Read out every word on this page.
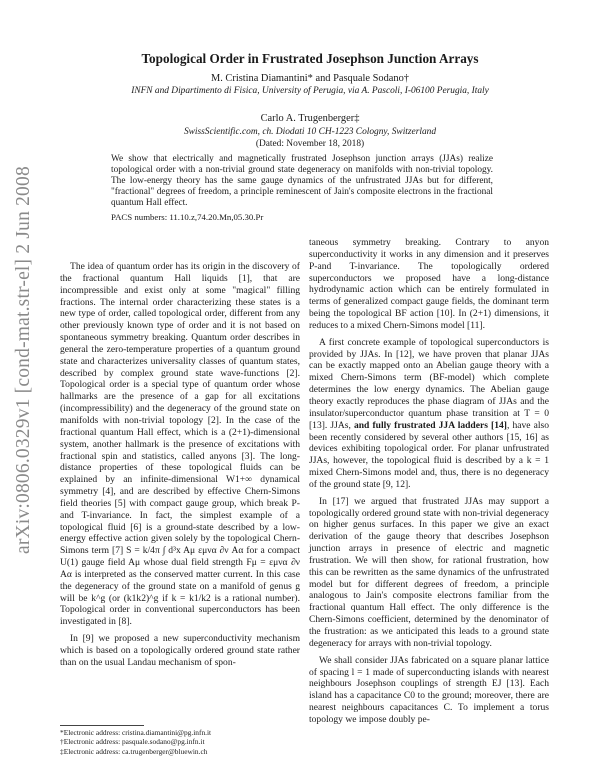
arXiv:0806.0329v1 [cond-mat.str-el] 2 Jun 2008
Topological Order in Frustrated Josephson Junction Arrays
M. Cristina Diamantini* and Pasquale Sodano†
INFN and Dipartimento di Fisica, University of Perugia, via A. Pascoli, I-06100 Perugia, Italy
Carlo A. Trugenberger‡
SwissScientific.com, ch. Diodati 10 CH-1223 Cologny, Switzerland
(Dated: November 18, 2018)
We show that electrically and magnetically frustrated Josephson junction arrays (JJAs) realize topological order with a non-trivial ground state degeneracy on manifolds with non-trivial topology. The low-energy theory has the same gauge dynamics of the unfrustrated JJAs but for different, "fractional" degrees of freedom, a principle reminescent of Jain's composite electrons in the fractional quantum Hall effect.
PACS numbers: 11.10.z,74.20.Mn,05.30.Pr

The idea of quantum order has its origin in the discovery of the fractional quantum Hall liquids [1], that are incompressible and exist only at some "magical" filling fractions. The internal order characterizing these states is a new type of order, called topological order, different from any other previously known type of order and it is not based on spontaneous symmetry breaking. Quantum order describes in general the zero-temperature properties of a quantum ground state and characterizes universality classes of quantum states, described by complex ground state wave-functions [2]. Topological order is a special type of quantum order whose hallmarks are the presence of a gap for all excitations (incompressibility) and the degeneracy of the ground state on manifolds with non-trivial topology [2]. In the case of the fractional quantum Hall effect, which is a (2+1)-dimensional system, another hallmark is the presence of excitations with fractional spin and statistics, called anyons [3]. The long-distance properties of these topological fluids can be explained by an infinite-dimensional W1+∞ dynamical symmetry [4], and are described by effective Chern-Simons field theories [5] with compact gauge group, which break P-and T-invariance. In fact, the simplest example of a topological fluid [6] is a ground-state described by a low-energy effective action given solely by the topological Chern-Simons term [7] S = k/4π ∫ d³x Aμ εμνα ∂ν Aα for a compact U(1) gauge field Aμ whose dual field strength Fμ = εμνα ∂ν Aα is interpreted as the conserved matter current. In this case the degeneracy of the ground state on a manifold of genus g will be k^g (or (k1k2)^g if k = k1/k2 is a rational number). Topological order in conventional superconductors has been investigated in [8].

In [9] we proposed a new superconductivity mechanism which is based on a topologically ordered ground state rather than on the usual Landau mechanism of spon-

taneous symmetry breaking. Contrary to anyon superconductivity it works in any dimension and it preserves P-and T-invariance. The topologically ordered superconductors we proposed have a long-distance hydrodynamic action which can be entirely formulated in terms of generalized compact gauge fields, the dominant term being the topological BF action [10]. In (2+1) dimensions, it reduces to a mixed Chern-Simons model [11].

A first concrete example of topological superconductors is provided by JJAs. In [12], we have proven that planar JJAs can be exactly mapped onto an Abelian gauge theory with a mixed Chern-Simons term (BF-model) which complete determines the low energy dynamics. The Abelian gauge theory exactly reproduces the phase diagram of JJAs and the insulator/superconductor quantum phase transition at T = 0 [13]. JJAs, and fully frustrated JJA ladders [14], have also been recently considered by several other authors [15, 16] as devices exhibiting topological order. For planar unfrustrated JJAs, however, the topological fluid is described by a k = 1 mixed Chern-Simons model and, thus, there is no degeneracy of the ground state [9, 12].

In [17] we argued that frustrated JJAs may support a topologically ordered ground state with non-trivial degeneracy on higher genus surfaces. In this paper we give an exact derivation of the gauge theory that describes Josephson junction arrays in presence of electric and magnetic frustration. We will then show, for rational frustration, how this can be rewritten as the same dynamics of the unfrustrated model but for different degrees of freedom, a principle analogous to Jain's composite electrons familiar from the fractional quantum Hall effect. The only difference is the Chern-Simons coefficient, determined by the denominator of the frustration: as we anticipated this leads to a ground state degeneracy for arrays with non-trivial topology.

We shall consider JJAs fabricated on a square planar lattice of spacing l = 1 made of superconducting islands with nearest neighbours Josephson couplings of strength EJ [13]. Each island has a capacitance C0 to the ground; moreover, there are nearest neighbours capacitances C. To implement a torus topology we impose doubly pe-

*Electronic address: cristina.diamantini@pg.infn.it
†Electronic address: pasquale.sodano@pg.infn.it
‡Electronic address: ca.trugenberger@bluewin.ch
